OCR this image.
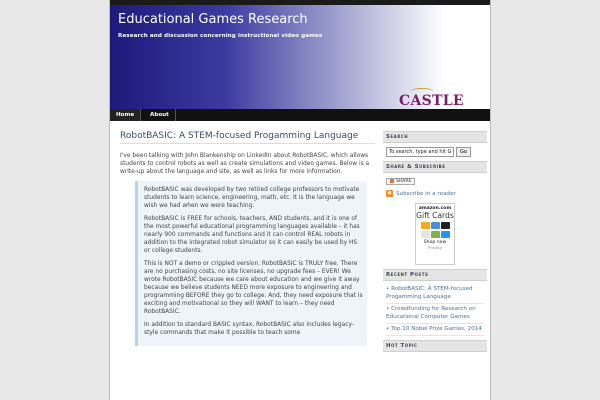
Educational Games Research
Research and discussion concerning instructional video games
CASTLE
Home	About
RobotBASIC: A STEM-focused Progamming Language
I've been talking with John Blankenship on LinkedIn about RobotBASIC, which allows students to control robots as well as create simulations and video games. Below is a write-up about the language and site, as well as links for more information.

RobotBASIC was developed by two retired college professors to motivate students to learn science, engineering, math, etc. It is the language we wish we had when we were teaching.

RobotBASIC is FREE for schools, teachers, AND students, and it is one of the most powerful educational programming languages available – it has nearly 900 commands and functions and it can control REAL robots in addition to the integrated robot simulator so it can easily be used by HS or college students.

This is NOT a demo or crippled version. RobotBASIC is TRULY free. There are no purchasing costs, no site licenses, no upgrade fees – EVER! We wrote RobotBASIC because we care about education and we give it away because we believe students NEED more exposure to engineering and programming BEFORE they go to college. And, they need exposure that is exciting and motivational so they will WANT to learn – they need RobotBASIC.

In addition to standard BASIC syntax, RobotBASIC also includes legacy-style commands that make it possible to teach some

Search
To search, type and hit Go
Go
Share & Subscribe
SHARE
◉ Subscribe in a reader
amazon.com
Gift Cards
Shop now
Privacy
Recent Posts
• RobotBASIC: A STEM-focused Progamming Language
• Crowdfunding for Research on Educational Computer Games
• Top 10 Nobel Prize Games, 2014
Hot Topic
